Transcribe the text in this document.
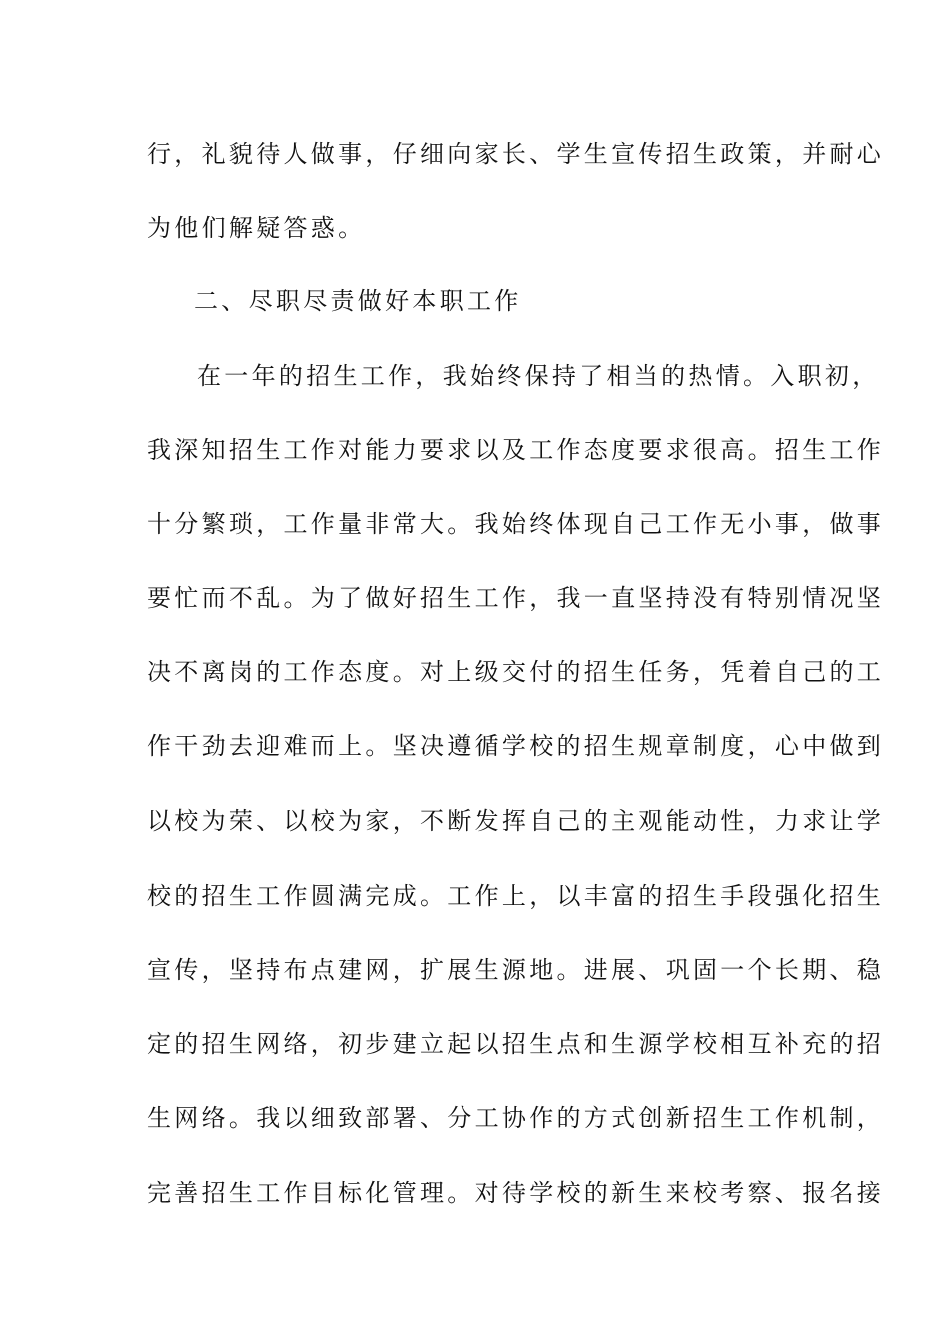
行，礼貌待人做事，仔细向家长、学生宣传招生政策，并耐心
为他们解疑答惑。
二、尽职尽责做好本职工作
在一年的招生工作，我始终保持了相当的热情。入职初，
我深知招生工作对能力要求以及工作态度要求很高。招生工作
十分繁琐，工作量非常大。我始终体现自己工作无小事，做事
要忙而不乱。为了做好招生工作，我一直坚持没有特别情况坚
决不离岗的工作态度。对上级交付的招生任务，凭着自己的工
作干劲去迎难而上。坚决遵循学校的招生规章制度，心中做到
以校为荣、以校为家，不断发挥自己的主观能动性，力求让学
校的招生工作圆满完成。工作上，以丰富的招生手段强化招生
宣传，坚持布点建网，扩展生源地。进展、巩固一个长期、稳
定的招生网络，初步建立起以招生点和生源学校相互补充的招
生网络。我以细致部署、分工协作的方式创新招生工作机制，
完善招生工作目标化管理。对待学校的新生来校考察、报名接
